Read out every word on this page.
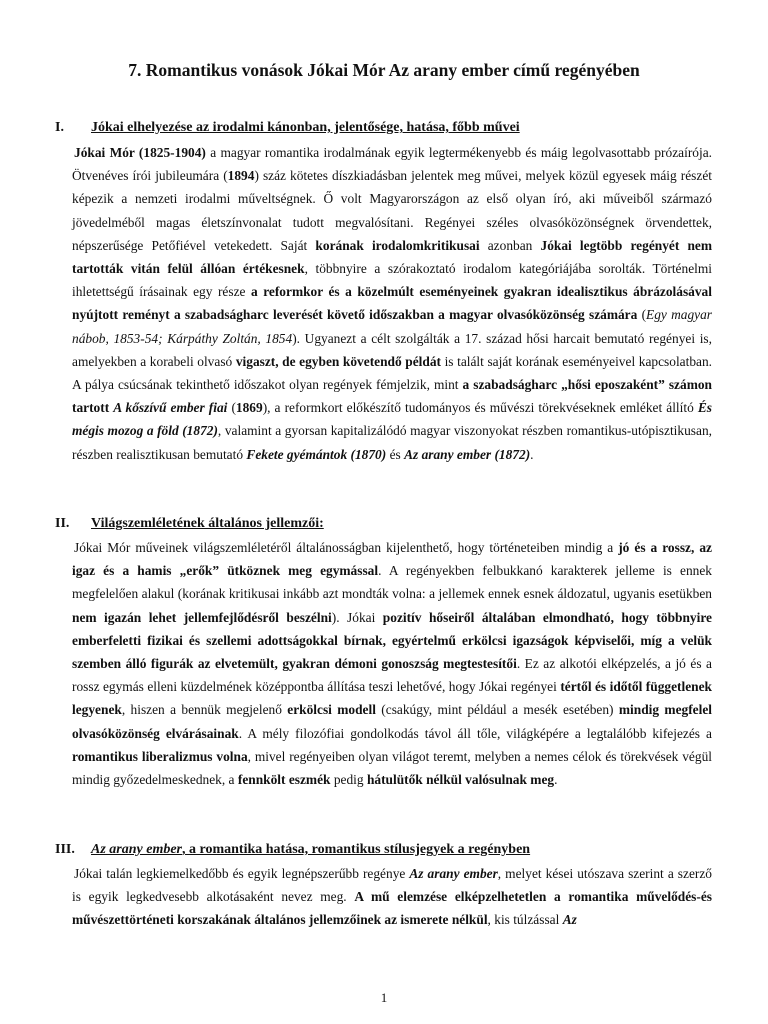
7. Romantikus vonások Jókai Mór Az arany ember című regényében
I. Jókai elhelyezése az irodalmi kánonban, jelentősége, hatása, főbb művei

Jókai Mór (1825-1904) a magyar romantika irodalmának egyik legtermékenyebb és máig legolvasottabb prózaírója. Ötvenéves írói jubileumára (1894) száz kötetes díszkiadásban jelentek meg művei, melyek közül egyesek máig részét képezik a nemzeti irodalmi műveltségnek. Ő volt Magyarországon az első olyan író, aki műveiből származó jövedelméből magas életszínvonalat tudott megvalósítani. Regényei széles olvasóközönségnek örvendettek, népszerűsége Petőfiével vetekedett. Saját korának irodalomkritikusai azonban Jókai legtöbb regényét nem tartották vitán felül állóan értékesnek, többnyire a szórakoztató irodalom kategóriájába sorolták. Történelmi ihletettségű írásainak egy része a reformkor és a közelmúlt eseményeinek gyakran idealisztikus ábrázolásával nyújtott reményt a szabadságharc leverését követő időszakban a magyar olvasóközönség számára (Egy magyar nábob, 1853-54; Kárpáthy Zoltán, 1854). Ugyanezt a célt szolgálták a 17. század hősi harcait bemutató regényei is, amelyekben a korabeli olvasó vigaszt, de egyben követendő példát is talált saját korának eseményeivel kapcsolatban. A pálya csúcsának tekinthető időszakot olyan regények fémjelzik, mint a szabadságharc „hősi eposzaként” számon tartott A kőszívű ember fiai (1869), a reformkort előkészítő tudományos és művészi törekvéseknek emléket állító És mégis mozog a föld (1872), valamint a gyorsan kapitalizálódó magyar viszonyokat részben romantikus-utópisztikusan, részben realisztikusan bemutató Fekete gyémántok (1870) és Az arany ember (1872).

II. Világszemléletének általános jellemzői:

Jókai Mór műveinek világszemléletéről általánosságban kijelenthető, hogy történeteiben mindig a jó és a rossz, az igaz és a hamis „erők” ütköznek meg egymással. A regényekben felbukkanó karakterek jelleme is ennek megfelelően alakul (korának kritikusai inkább azt mondták volna: a jellemek ennek esnek áldozatul, ugyanis esetükben nem igazán lehet jellemfejlődésről beszélni). Jókai pozitív hőseiről általában elmondható, hogy többnyire emberfeletti fizikai és szellemi adottságokkal bírnak, egyértelmű erkölcsi igazságok képviselői, míg a velük szemben álló figurák az elvetemült, gyakran démoni gonoszság megtestesítői. Ez az alkotói elképzelés, a jó és a rossz egymás elleni küzdelmének középpontba állítása teszi lehetővé, hogy Jókai regényei tértől és időtől függetlenek legyenek, hiszen a bennük megjelenő erkölcsi modell (csakúgy, mint például a mesék esetében) mindig megfelel olvasóközönség elvárásainak. A mély filozófiai gondolkodás távol áll tőle, világképére a legtalálóbb kifejezés a romantikus liberalizmus volna, mivel regényeiben olyan világot teremt, melyben a nemes célok és törekvések végül mindig győzedelmeskednek, a fennkölt eszmék pedig hátulütők nélkül valósulnak meg.

III. Az arany ember, a romantika hatása, romantikus stílusjegyek a regényben

Jókai talán legkiemelkedőbb és egyik legnépszerűbb regénye Az arany ember, melyet kései utószava szerint a szerző is egyik legkedvesebb alkotásaként nevez meg. A mű elemzése elképzelhetetlen a romantika művelődés-és művészettörténeti korszakának általános jellemzőinek az ismerete nélkül, kis túlzással Az

1
